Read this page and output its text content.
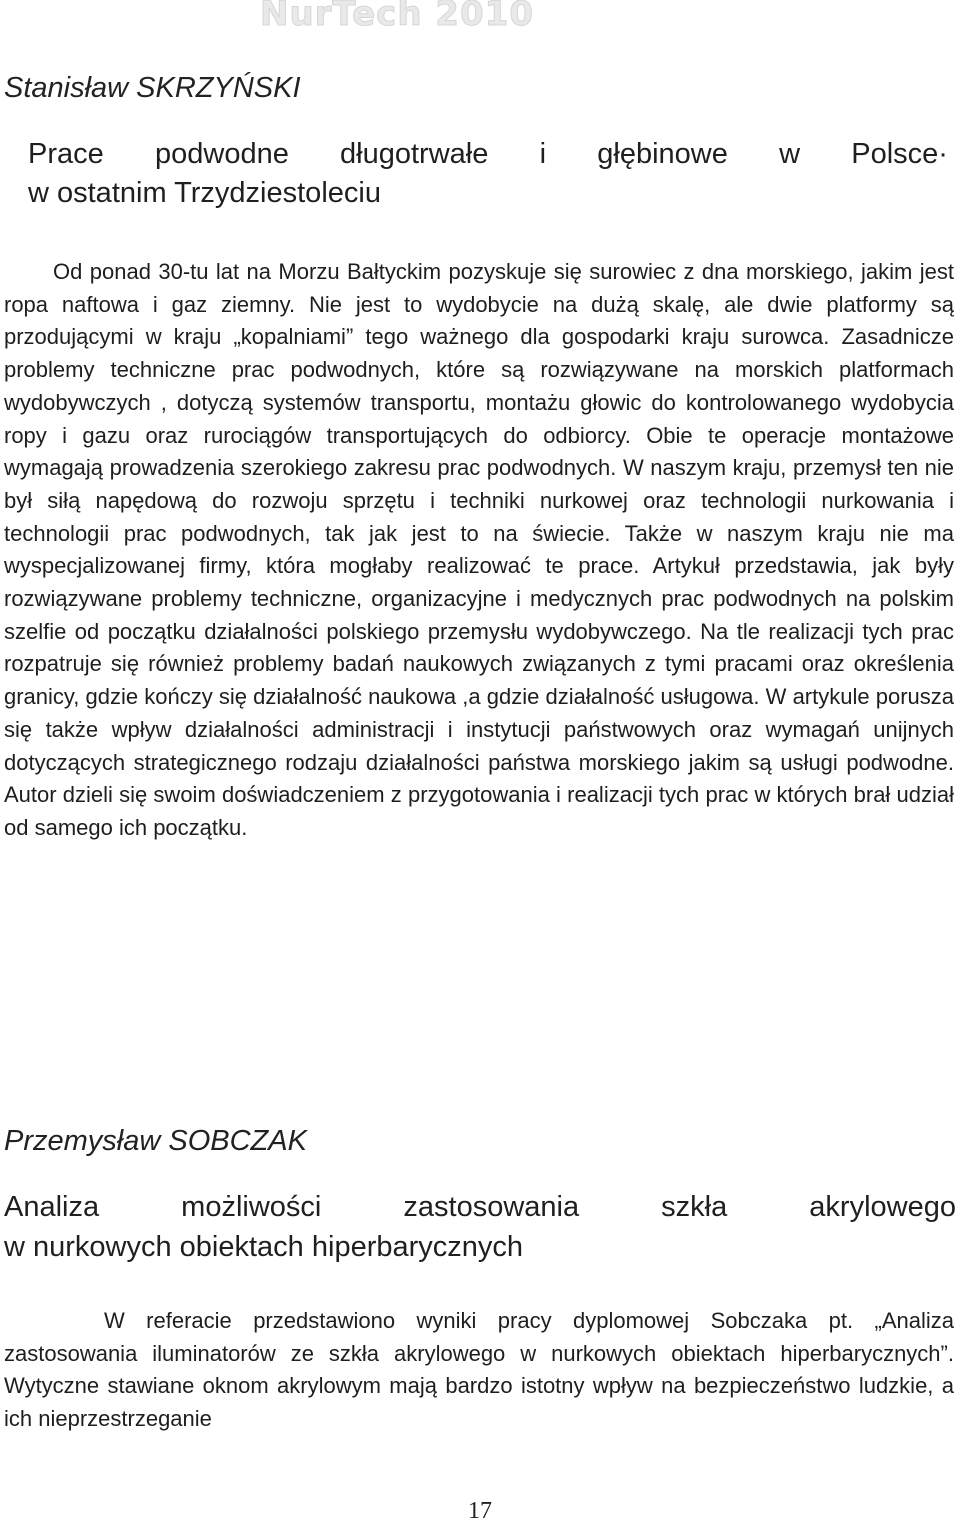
NurTech 2010
Stanisław SKRZYŃSKI
Prace podwodne długotrwałe i głębinowe w Polsce·
w ostatnim Trzydziestoleciu
Od ponad 30-tu lat na Morzu Bałtyckim pozyskuje się surowiec z dna morskiego, jakim jest ropa naftowa i gaz ziemny. Nie jest to wydobycie na dużą skalę, ale dwie platformy są przodującymi w kraju „kopalniami” tego ważnego dla gospodarki kraju surowca. Zasadnicze problemy techniczne prac podwodnych, które są rozwiązywane na morskich platformach wydobywczych , dotyczą systemów transportu, montażu głowic do kontrolowanego wydobycia ropy i gazu oraz rurociągów transportujących do odbiorcy. Obie te operacje montażowe wymagają prowadzenia szerokiego zakresu prac podwodnych. W naszym kraju, przemysł ten nie był siłą napędową do rozwoju sprzętu i techniki nurkowej oraz technologii nurkowania i technologii prac podwodnych, tak jak jest to na świecie. Także w naszym kraju nie ma wyspecjalizowanej firmy, która mogłaby realizować te prace. Artykuł przedstawia, jak były rozwiązywane problemy techniczne, organizacyjne i medycznych prac podwodnych na polskim szelfie od początku działalności polskiego przemysłu wydobywczego. Na tle realizacji tych prac rozpatruje się również problemy badań naukowych związanych z tymi pracami oraz określenia granicy, gdzie kończy się działalność naukowa ,a gdzie działalność usługowa. W artykule porusza się także wpływ działalności administracji i instytucji państwowych oraz wymagań unijnych dotyczących strategicznego rodzaju działalności państwa morskiego jakim są usługi podwodne. Autor dzieli się swoim doświadczeniem z przygotowania i realizacji tych prac w których brał udział od samego ich początku.
Przemysław SOBCZAK
Analiza	możliwości	zastosowania	szkła	akrylowego
w nurkowych obiektach hiperbarycznych
W referacie przedstawiono wyniki pracy dyplomowej Sobczaka pt. „Analiza zastosowania iluminatorów ze szkła akrylowego w nurkowych obiektach hiperbarycznych”. Wytyczne stawiane oknom akrylowym mają bardzo istotny wpływ na bezpieczeństwo ludzkie, a ich nieprzestrzeganie
17
